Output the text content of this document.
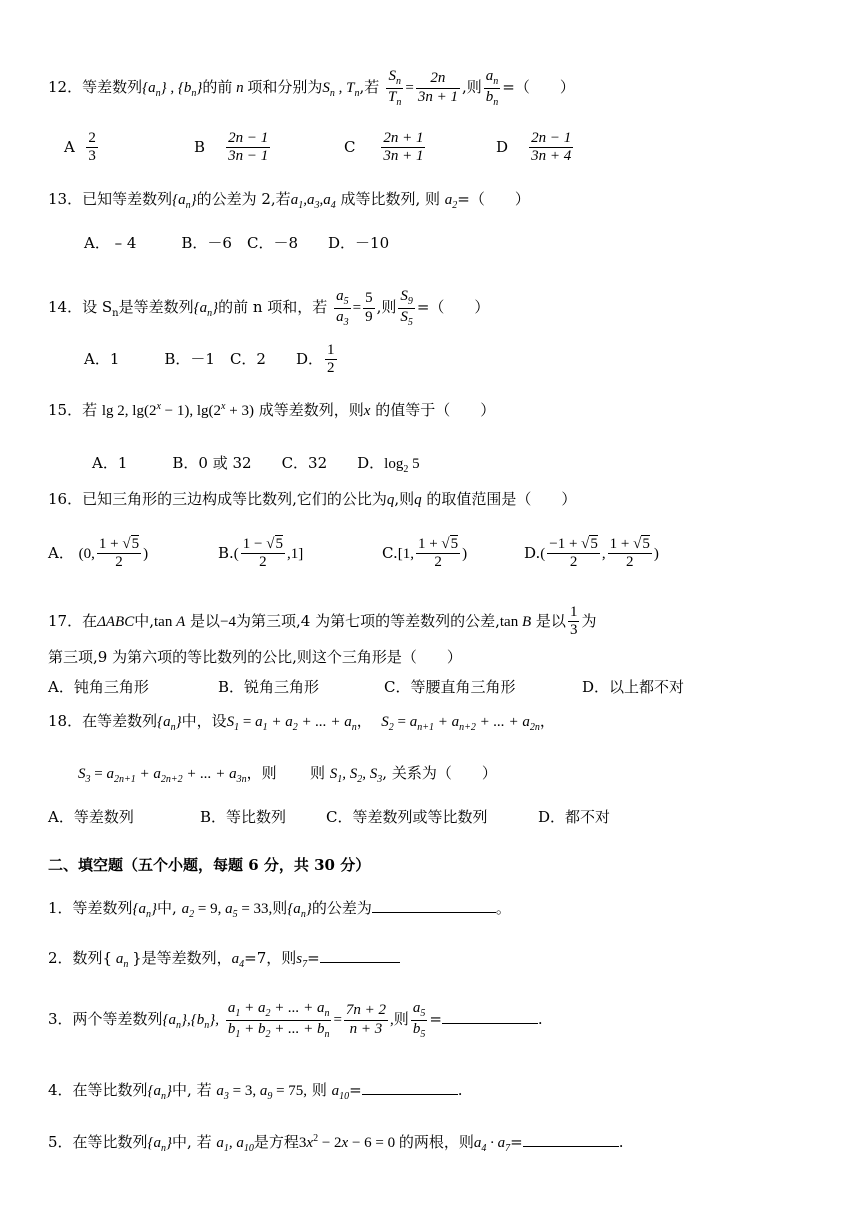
12．等差数列$\{a_n\}$ , $\{b_n\}$的前 n 项和分别为$S_n$ , $T_n$,若 $\frac{S_n}{T_n} = \frac{2n}{3n + 1}$ ,则 $\frac{a_n}{b_n}$ =（　　）
A $\frac{2}{3}$	B $\frac{2n - 1}{3n - 1}$	C $\frac{2n + 1}{3n + 1}$	D $\frac{2n - 1}{3n + 4}$
13．已知等差数列$\{a_n\}$的公差为 2,若$a_1,a_3,a_4$ 成等比数列, 则 $a_2=$（　　）
A． – 4　　　B．－6　C．－8　　D．－10
14．设 $S_n$是等差数列$\{a_n\}$的前 n 项和，若 $\frac{a_5}{a_3} = \frac{5}{9}$ ,则 $\frac{S_9}{S_5}$ =（　　）
A．1　　　B．－1　C．2　　D． $\frac{1}{2}$
15．若 lg 2, $\lg(2^x - 1)$, $\lg(2^x + 3)$ 成等差数列，则x 的值等于（　　）
A．1　　　B．0 或 32　　C．32　　D．$\log_2 5$
16．已知三角形的三边构成等比数列,它们的公比为q,则q 的取值范围是（　　）
A． (0, $\frac{1 + √5}{2}$ )	$B.( \frac{1 - √5}{2} ,1]$	C.[1, $\frac{1 + √5}{2}$ )	$D.( \frac{-1 + √5}{2}$ , $\frac{1 + √5}{2}$ )
17．在ΔABC中,tan A 是以−4为第三项,4 为第七项的等差数列的公差,tan B 是以 $\frac{1}{3}$ 为
第三项,9 为第六项的等比数列的公比,则这个三角形是（　　）
A．钝角三角形	B．锐角三角形	C．等腰直角三角形	D．以上都不对
18．在等差数列$\{a_n\}$中，设$S_1 = a_1 + a_2$ + ... + $a_n$， $S_2 = a_{n+1} + a_{n+2}$ + ... + $a_{2n}$，
$S_3 = a_{2n+1} + a_{2n+2}$ + ... + $a_{3n}$，则 则 $S_1$, $S_2$, $S_3$, 关系为（　　）
A．等差数列	B．等比数列	C．等差数列或等比数列	D．都不对
二、填空题（五个小题，每题 6 分，共 30 分）
1．等差数列$\{a_n\}$中, $a_2 = 9$, $a_5 = 33$,则$\{a_n\}$的公差为	。
2．数列{ $a_n$ }是等差数列，$a_4=7$，则$s_7=$
3．两个等差数列$\{a_n\},\{b_n\}$, $\frac{a_1 + a_2 + ... + a_n}{b_1 + b_2 + ... + b_n} = \frac{7n + 2}{n + 3}$ ,则 $\frac{a_5}{b_5}$ =	.
4．在等比数列$\{a_n\}$中, 若 $a_3 = 3$, $a_9 = 75$, 则 $a_{10}=$	.
5．在等比数列$\{a_n\}$中, 若 $a_1$, $a_{10}$是方程$3x^2 - 2x - 6 = 0$ 的两根，则$a_4 \cdot a_7=$	.
